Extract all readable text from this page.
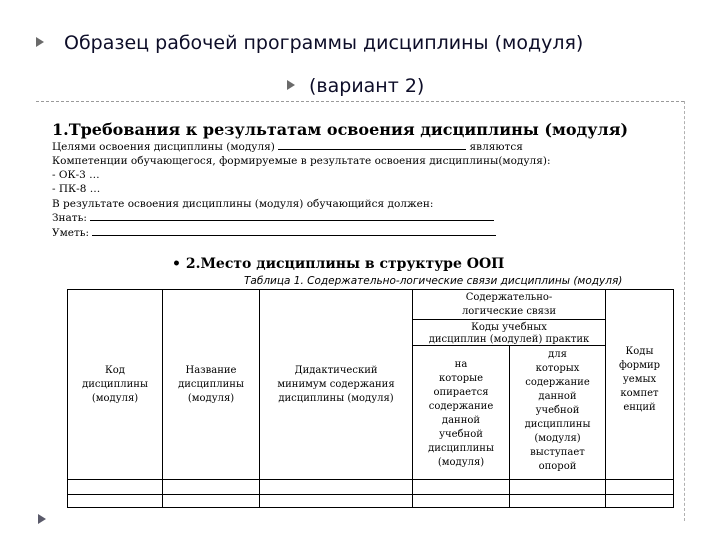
Образец рабочей программы дисциплины (модуля)
(вариант 2)
1.Требования к результатам освоения дисциплины (модуля)
Целями освоения дисциплины (модуля)	являются
Компетенции обучающегося, формируемые в результате освоения дисциплины(модуля):
- ОК-3 …
- ПК-8 …
В результате освоения дисциплины (модуля) обучающийся должен:
Знать:
Уметь:
• 2.Место дисциплины в структуре ООП
Таблица 1. Содержательно-логические связи дисциплины (модуля)
Код
дисциплины
(модуля)
Название
дисциплины
(модуля)
Дидактический
минимум содержания
дисциплины (модуля)
Содержательно-
логические связи
Коды учебных
дисциплин (модулей) практик
на
которые
опирается
содержание
данной
учебной
дисциплины
(модуля)
для
которых
содержание
данной
учебной
дисциплины
(модуля)
выступает
опорой
Коды
формир
уемых
компет
енций
